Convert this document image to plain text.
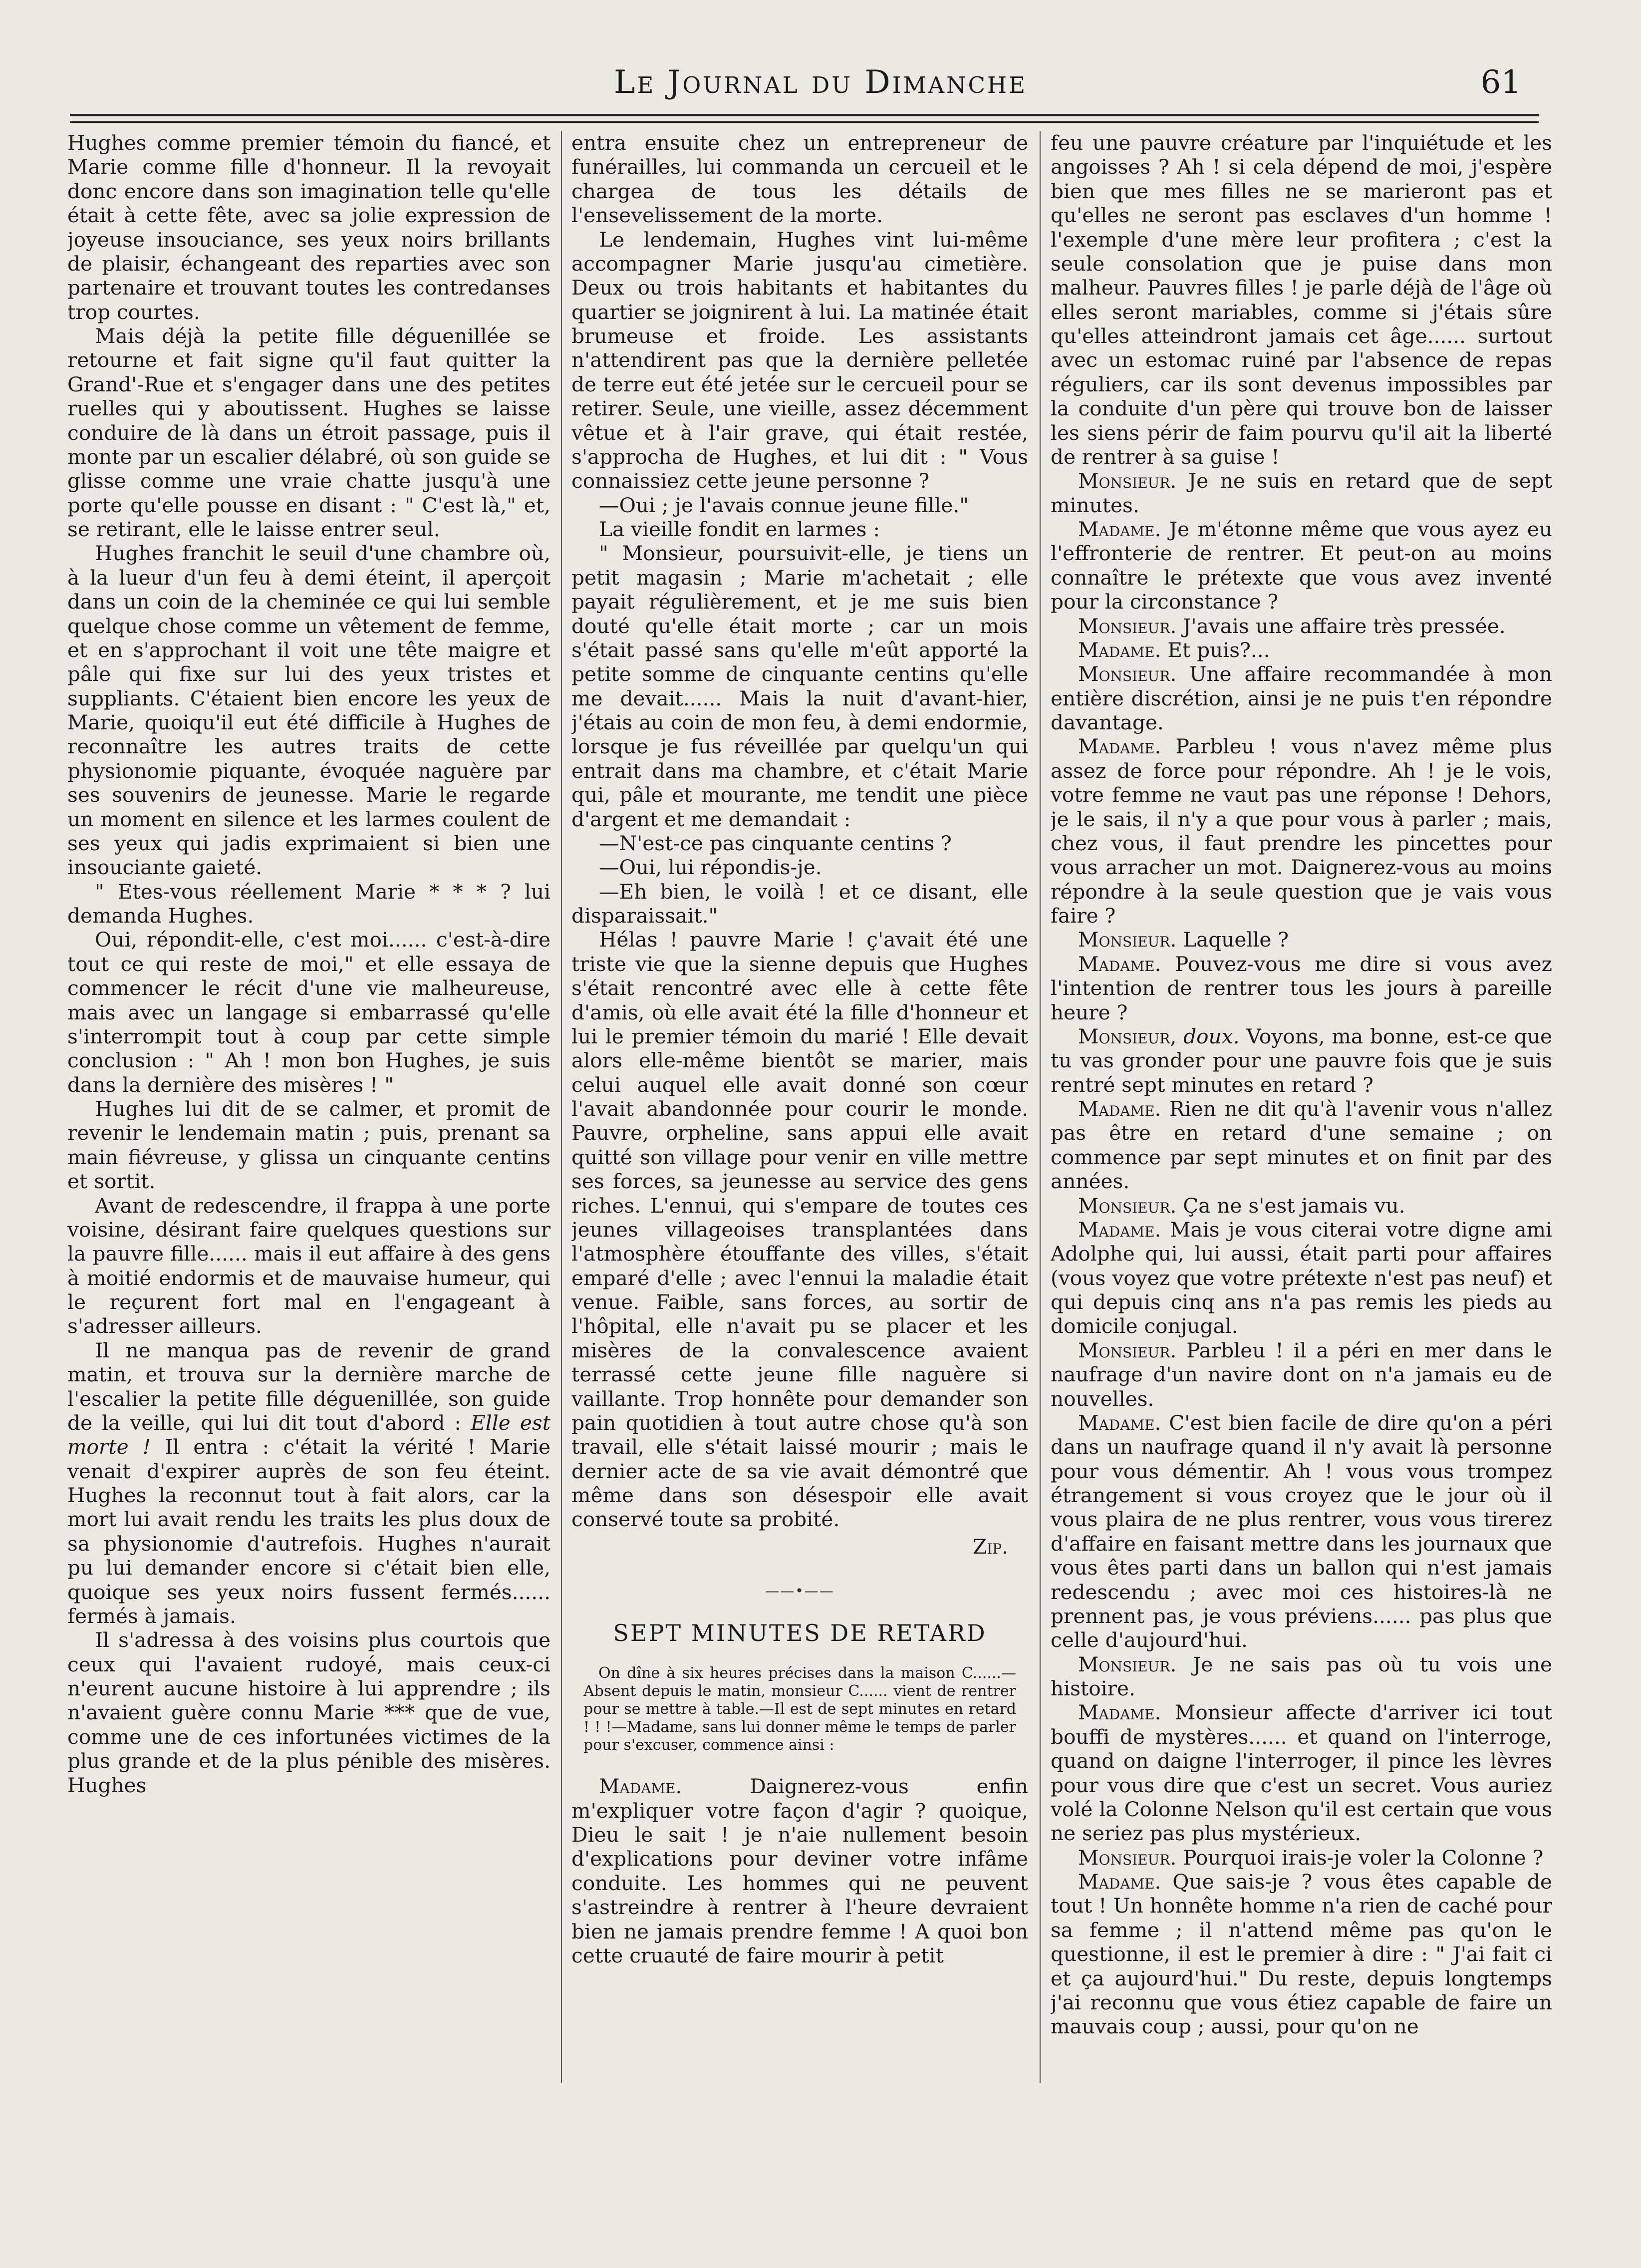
Le Journal du Dimanche	61

Hughes comme premier témoin du fiancé, et Marie comme fille d'honneur. Il la revoyait donc encore dans son imagination telle qu'elle était à cette fête, avec sa jolie expression de joyeuse insouciance, ses yeux noirs brillants de plaisir, échangeant des reparties avec son partenaire et trouvant toutes les contredanses trop courtes.

Mais déjà la petite fille déguenillée se retourne et fait signe qu'il faut quitter la Grand'-Rue et s'engager dans une des petites ruelles qui y aboutissent. Hughes se laisse conduire de là dans un étroit passage, puis il monte par un escalier délabré, où son guide se glisse comme une vraie chatte jusqu'à une porte qu'elle pousse en disant : " C'est là," et, se retirant, elle le laisse entrer seul.

Hughes franchit le seuil d'une chambre où, à la lueur d'un feu à demi éteint, il aperçoit dans un coin de la cheminée ce qui lui semble quelque chose comme un vêtement de femme, et en s'approchant il voit une tête maigre et pâle qui fixe sur lui des yeux tristes et suppliants. C'étaient bien encore les yeux de Marie, quoiqu'il eut été difficile à Hughes de reconnaître les autres traits de cette physionomie piquante, évoquée naguère par ses souvenirs de jeunesse. Marie le regarde un moment en silence et les larmes coulent de ses yeux qui jadis exprimaient si bien une insouciante gaieté.

" Etes-vous réellement Marie * * * ? lui demanda Hughes.

Oui, répondit-elle, c'est moi...... c'est-à-dire tout ce qui reste de moi," et elle essaya de commencer le récit d'une vie malheureuse, mais avec un langage si embarrassé qu'elle s'interrompit tout à coup par cette simple conclusion : " Ah ! mon bon Hughes, je suis dans la dernière des misères ! "

Hughes lui dit de se calmer, et promit de revenir le lendemain matin ; puis, prenant sa main fiévreuse, y glissa un cinquante centins et sortit.

Avant de redescendre, il frappa à une porte voisine, désirant faire quelques questions sur la pauvre fille...... mais il eut affaire à des gens à moitié endormis et de mauvaise humeur, qui le reçurent fort mal en l'engageant à s'adresser ailleurs.

Il ne manqua pas de revenir de grand matin, et trouva sur la dernière marche de l'escalier la petite fille déguenillée, son guide de la veille, qui lui dit tout d'abord : Elle est morte ! Il entra : c'était la vérité ! Marie venait d'expirer auprès de son feu éteint. Hughes la reconnut tout à fait alors, car la mort lui avait rendu les traits les plus doux de sa physionomie d'autrefois. Hughes n'aurait pu lui demander encore si c'était bien elle, quoique ses yeux noirs fussent fermés...... fermés à jamais.

Il s'adressa à des voisins plus courtois que ceux qui l'avaient rudoyé, mais ceux-ci n'eurent aucune histoire à lui apprendre ; ils n'avaient guère connu Marie *** que de vue, comme une de ces infortunées victimes de la plus grande et de la plus pénible des misères. Hughes

entra ensuite chez un entrepreneur de funérailles, lui commanda un cercueil et le chargea de tous les détails de l'ensevelissement de la morte.

Le lendemain, Hughes vint lui-même accompagner Marie jusqu'au cimetière. Deux ou trois habitants et habitantes du quartier se joignirent à lui. La matinée était brumeuse et froide. Les assistants n'attendirent pas que la dernière pelletée de terre eut été jetée sur le cercueil pour se retirer. Seule, une vieille, assez décemment vêtue et à l'air grave, qui était restée, s'approcha de Hughes, et lui dit : " Vous connaissiez cette jeune personne ?

—Oui ; je l'avais connue jeune fille."

La vieille fondit en larmes :

" Monsieur, poursuivit-elle, je tiens un petit magasin ; Marie m'achetait ; elle payait régulièrement, et je me suis bien douté qu'elle était morte ; car un mois s'était passé sans qu'elle m'eût apporté la petite somme de cinquante centins qu'elle me devait...... Mais la nuit d'avant-hier, j'étais au coin de mon feu, à demi endormie, lorsque je fus réveillée par quelqu'un qui entrait dans ma chambre, et c'était Marie qui, pâle et mourante, me tendit une pièce d'argent et me demandait :

—N'est-ce pas cinquante centins ?

—Oui, lui répondis-je.

—Eh bien, le voilà ! et ce disant, elle disparaissait."

Hélas ! pauvre Marie ! ç'avait été une triste vie que la sienne depuis que Hughes s'était rencontré avec elle à cette fête d'amis, où elle avait été la fille d'honneur et lui le premier témoin du marié ! Elle devait alors elle-même bientôt se marier, mais celui auquel elle avait donné son cœur l'avait abandonnée pour courir le monde. Pauvre, orpheline, sans appui elle avait quitté son village pour venir en ville mettre ses forces, sa jeunesse au service des gens riches. L'ennui, qui s'empare de toutes ces jeunes villageoises transplantées dans l'atmosphère étouffante des villes, s'était emparé d'elle ; avec l'ennui la maladie était venue. Faible, sans forces, au sortir de l'hôpital, elle n'avait pu se placer et les misères de la convalescence avaient terrassé cette jeune fille naguère si vaillante. Trop honnête pour demander son pain quotidien à tout autre chose qu'à son travail, elle s'était laissé mourir ; mais le dernier acte de sa vie avait démontré que même dans son désespoir elle avait conservé toute sa probité.

Zip.
——•——
SEPT MINUTES DE RETARD

On dîne à six heures précises dans la maison C......—Absent depuis le matin, monsieur C...... vient de rentrer pour se mettre à table.—Il est de sept minutes en retard ! ! !—Madame, sans lui donner même le temps de parler pour s'excuser, commence ainsi :

Madame. Daignerez-vous enfin m'expliquer votre façon d'agir ? quoique, Dieu le sait ! je n'aie nullement besoin d'explications pour deviner votre infâme conduite. Les hommes qui ne peuvent s'astreindre à rentrer à l'heure devraient bien ne jamais prendre femme ! A quoi bon cette cruauté de faire mourir à petit

feu une pauvre créature par l'inquiétude et les angoisses ? Ah ! si cela dépend de moi, j'espère bien que mes filles ne se marieront pas et qu'elles ne seront pas esclaves d'un homme ! l'exemple d'une mère leur profitera ; c'est la seule consolation que je puise dans mon malheur. Pauvres filles ! je parle déjà de l'âge où elles seront mariables, comme si j'étais sûre qu'elles atteindront jamais cet âge...... surtout avec un estomac ruiné par l'absence de repas réguliers, car ils sont devenus impossibles par la conduite d'un père qui trouve bon de laisser les siens périr de faim pourvu qu'il ait la liberté de rentrer à sa guise !

Monsieur. Je ne suis en retard que de sept minutes.

Madame. Je m'étonne même que vous ayez eu l'effronterie de rentrer. Et peut-on au moins connaître le prétexte que vous avez inventé pour la circonstance ?

Monsieur. J'avais une affaire très pressée.

Madame. Et puis?...

Monsieur. Une affaire recommandée à mon entière discrétion, ainsi je ne puis t'en répondre davantage.

Madame. Parbleu ! vous n'avez même plus assez de force pour répondre. Ah ! je le vois, votre femme ne vaut pas une réponse ! Dehors, je le sais, il n'y a que pour vous à parler ; mais, chez vous, il faut prendre les pincettes pour vous arracher un mot. Daignerez-vous au moins répondre à la seule question que je vais vous faire ?

Monsieur. Laquelle ?

Madame. Pouvez-vous me dire si vous avez l'intention de rentrer tous les jours à pareille heure ?

Monsieur, doux. Voyons, ma bonne, est-ce que tu vas gronder pour une pauvre fois que je suis rentré sept minutes en retard ?

Madame. Rien ne dit qu'à l'avenir vous n'allez pas être en retard d'une semaine ; on commence par sept minutes et on finit par des années.

Monsieur. Ça ne s'est jamais vu.

Madame. Mais je vous citerai votre digne ami Adolphe qui, lui aussi, était parti pour affaires (vous voyez que votre prétexte n'est pas neuf) et qui depuis cinq ans n'a pas remis les pieds au domicile conjugal.

Monsieur. Parbleu ! il a péri en mer dans le naufrage d'un navire dont on n'a jamais eu de nouvelles.

Madame. C'est bien facile de dire qu'on a péri dans un naufrage quand il n'y avait là personne pour vous démentir. Ah ! vous vous trompez étrangement si vous croyez que le jour où il vous plaira de ne plus rentrer, vous vous tirerez d'affaire en faisant mettre dans les journaux que vous êtes parti dans un ballon qui n'est jamais redescendu ; avec moi ces histoires-là ne prennent pas, je vous préviens...... pas plus que celle d'aujourd'hui.

Monsieur. Je ne sais pas où tu vois une histoire.

Madame. Monsieur affecte d'arriver ici tout bouffi de mystères...... et quand on l'interroge, quand on daigne l'interroger, il pince les lèvres pour vous dire que c'est un secret. Vous auriez volé la Colonne Nelson qu'il est certain que vous ne seriez pas plus mystérieux.

Monsieur. Pourquoi irais-je voler la Colonne ?

Madame. Que sais-je ? vous êtes capable de tout ! Un honnête homme n'a rien de caché pour sa femme ; il n'attend même pas qu'on le questionne, il est le premier à dire : " J'ai fait ci et ça aujourd'hui." Du reste, depuis longtemps j'ai reconnu que vous étiez capable de faire un mauvais coup ; aussi, pour qu'on ne
